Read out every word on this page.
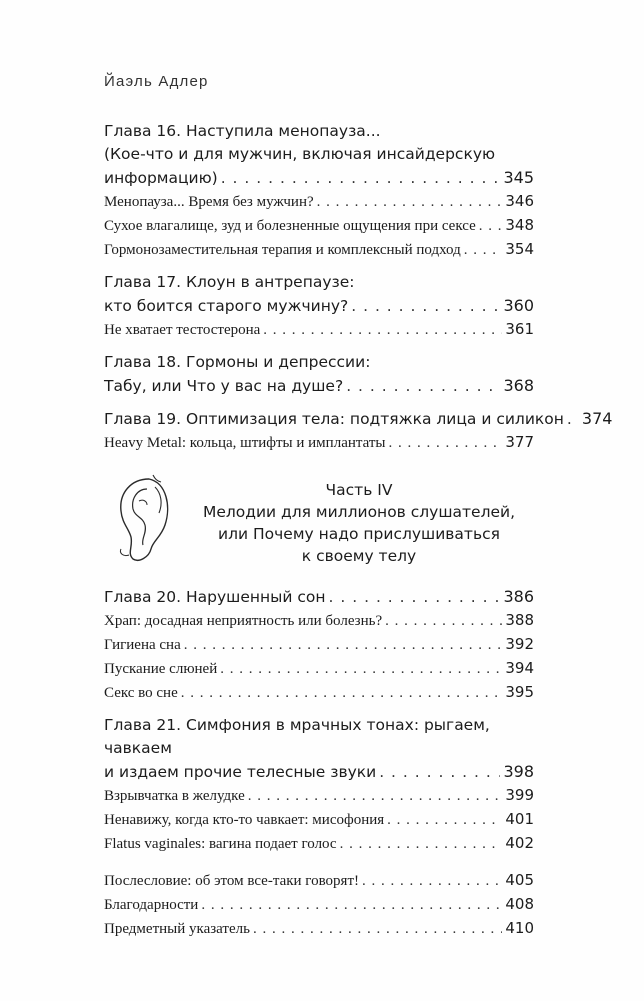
Йаэль Адлер
Глава 16. Наступила менопауза...
(Кое-что и для мужчин, включая инсайдерскую
информацию) . . .	345
Менопауза... Время без мужчин? . . .	346
Сухое влагалище, зуд и болезненные ощущения при сексе . . . 348
Гормонозаместительная терапия и комплексный подход . . .	354
Глава 17. Клоун в антрепаузе:
кто боится старого мужчину? . . .	360
Не хватает тестостерона . . .	361
Глава 18. Гормоны и депрессии:
Табу, или Что у вас на душе? . . .	368
Глава 19. Оптимизация тела: подтяжка лица и силикон . . . 374
Heavy Metal: кольца, штифты и имплантаты . . .	377
Часть IV
Мелодии для миллионов слушателей,
или Почему надо прислушиваться
к своему телу
Глава 20. Нарушенный сон . . .	386
Храп: досадная неприятность или болезнь? . . .	388
Гигиена сна . . .	392
Пускание слюней . . .	394
Секс во сне . . .	395
Глава 21. Симфония в мрачных тонах: рыгаем, чавкаем
и издаем прочие телесные звуки . . .	398
Взрывчатка в желудке . . .	399
Ненавижу, когда кто-то чавкает: мисофония . . .	401
Flatus vaginales: вагина подает голос . . .	402
Послесловие: об этом все-таки говорят! . . .	405
Благодарности . . .	408
Предметный указатель . . .	410
